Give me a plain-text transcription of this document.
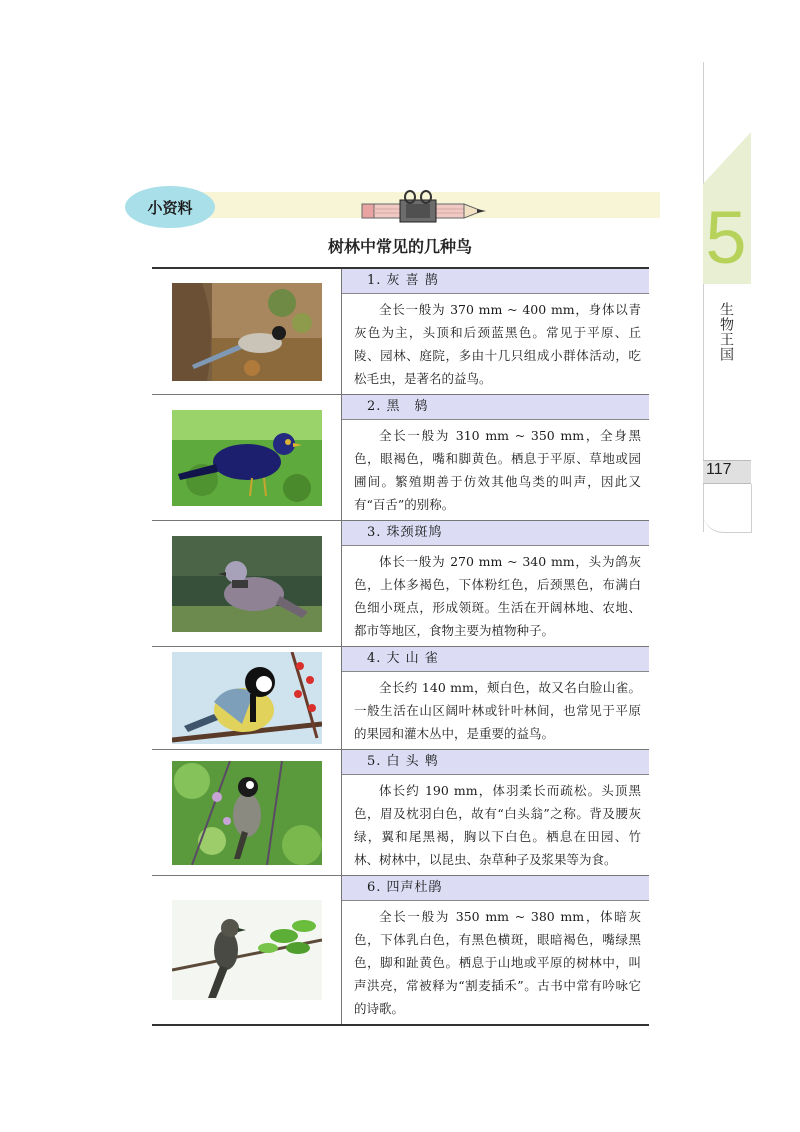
5
生物王国
117
小资料
树林中常见的几种鸟
1. 灰 喜 鹊
全长一般为 370 mm ~ 400 mm，身体以青灰色为主，头顶和后颈蓝黑色。常见于平原、丘陵、园林、庭院，多由十几只组成小群体活动，吃松毛虫，是著名的益鸟。
2. 黑　鸫
全长一般为 310 mm ~ 350 mm，全身黑色，眼褐色，嘴和脚黄色。栖息于平原、草地或园圃间。繁殖期善于仿效其他鸟类的叫声，因此又有“百舌”的别称。
3. 珠颈斑鸠
体长一般为 270 mm ~ 340 mm，头为鸽灰色，上体多褐色，下体粉红色，后颈黑色，布满白色细小斑点，形成领斑。生活在开阔林地、农地、都市等地区，食物主要为植物种子。
4. 大 山 雀
全长约 140 mm，颊白色，故又名白脸山雀。一般生活在山区阔叶林或针叶林间，也常见于平原的果园和灌木丛中，是重要的益鸟。
5. 白 头 鹎
体长约 190 mm，体羽柔长而疏松。头顶黑色，眉及枕羽白色，故有“白头翁”之称。背及腰灰绿，翼和尾黑褐，胸以下白色。栖息在田园、竹林、树林中，以昆虫、杂草种子及浆果等为食。
6. 四声杜鹃
全长一般为 350 mm ~ 380 mm，体暗灰色，下体乳白色，有黑色横斑，眼暗褐色，嘴绿黑色，脚和趾黄色。栖息于山地或平原的树林中，叫声洪亮，常被释为“割麦插禾”。古书中常有吟咏它的诗歌。
